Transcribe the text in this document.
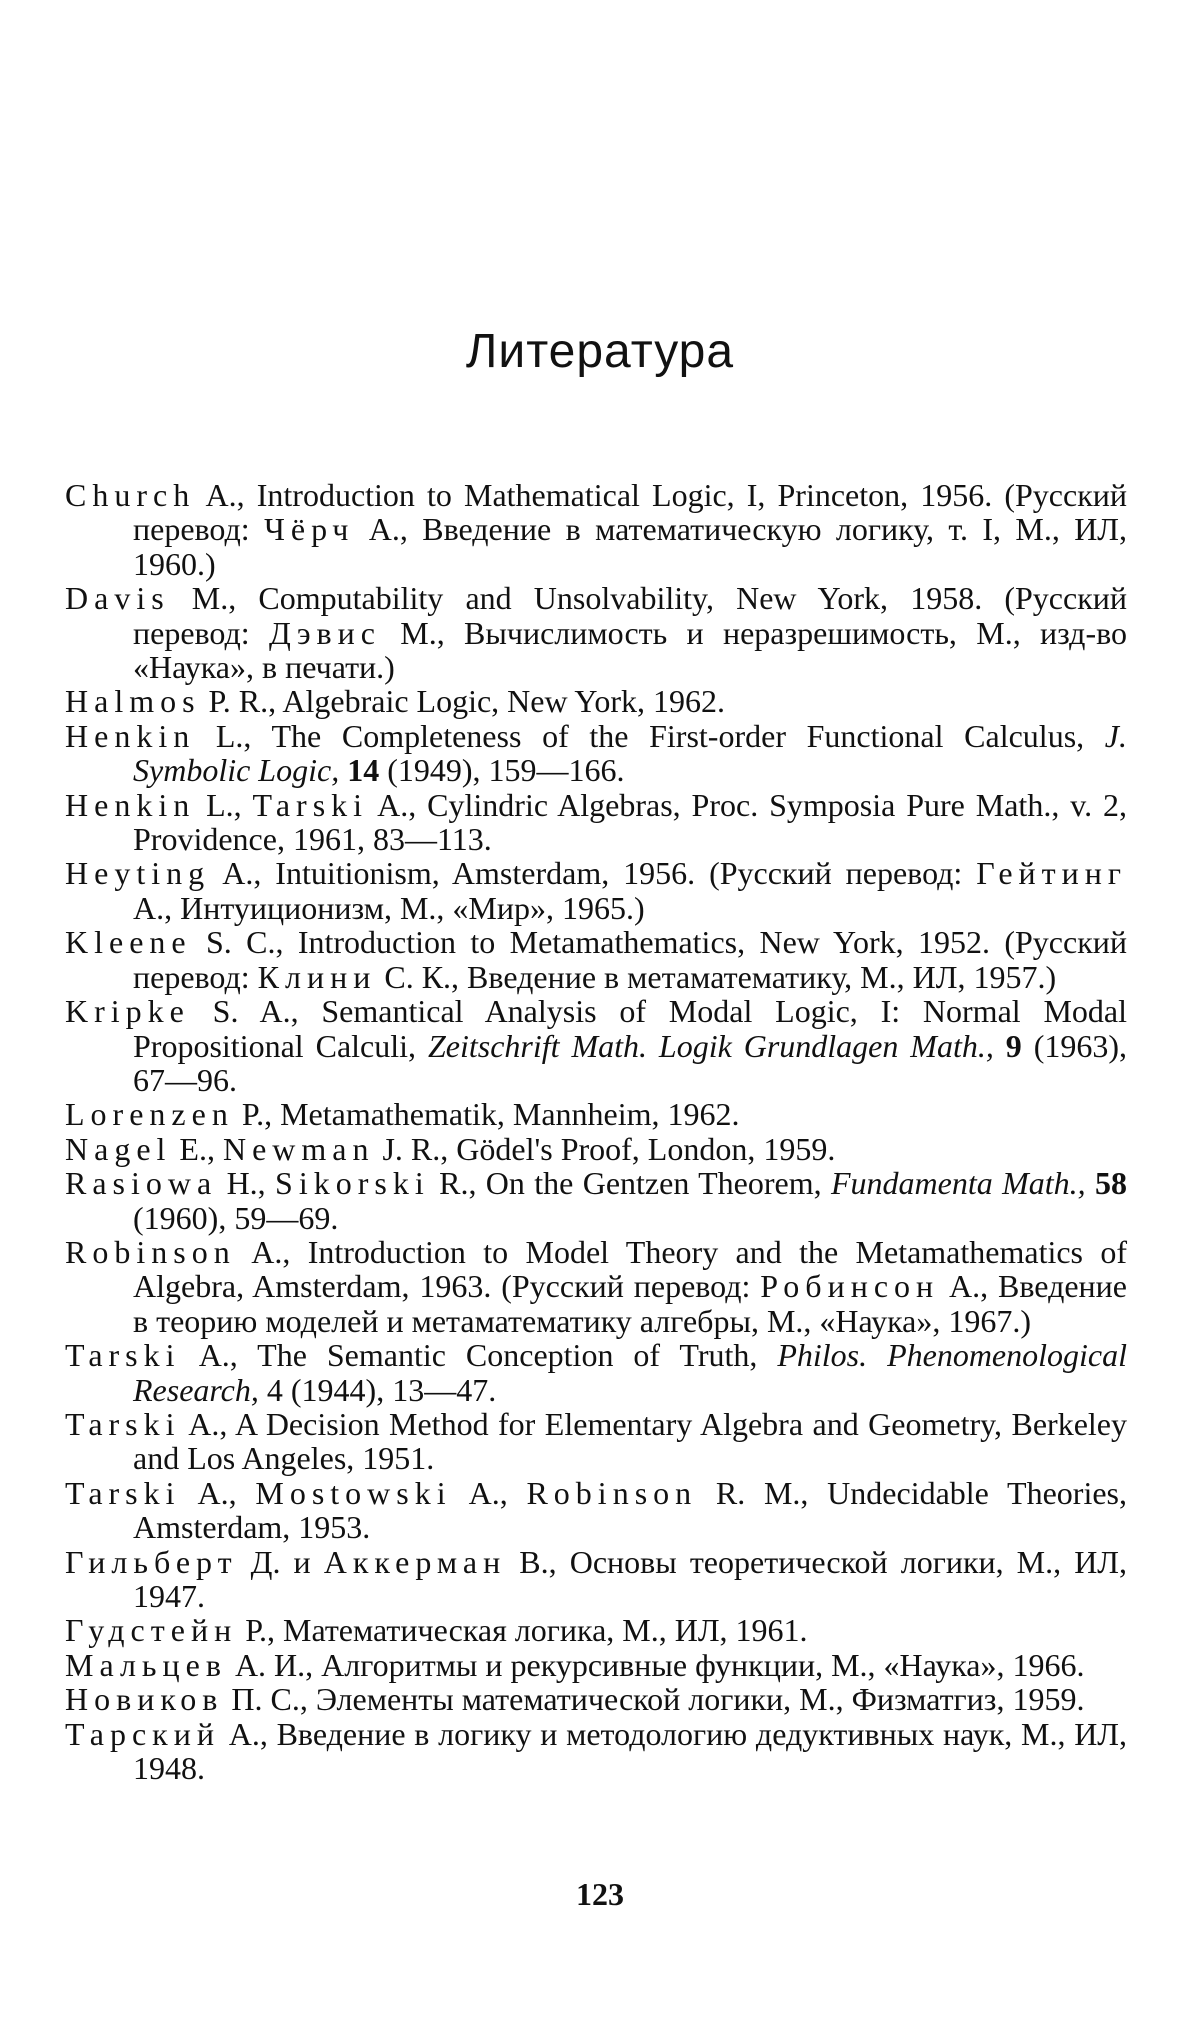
Литература
Church A., Introduction to Mathematical Logic, I, Princeton, 1956. (Русский перевод: Чёрч А., Введение в математическую логику, т. I, М., ИЛ, 1960.)
Davis M., Computability and Unsolvability, New York, 1958. (Русский перевод: Дэвис М., Вычислимость и неразрешимость, М., изд-во «Наука», в печати.)
Halmos P. R., Algebraic Logic, New York, 1962.
Henkin L., The Completeness of the First-order Functional Calculus, J. Symbolic Logic, 14 (1949), 159—166.
Henkin L., Tarski A., Cylindric Algebras, Proc. Symposia Pure Math., v. 2, Providence, 1961, 83—113.
Heyting A., Intuitionism, Amsterdam, 1956. (Русский перевод: Гейтинг А., Интуиционизм, М., «Мир», 1965.)
Kleene S. C., Introduction to Metamathematics, New York, 1952. (Русский перевод: Клини С. К., Введение в метаматематику, М., ИЛ, 1957.)
Kripke S. A., Semantical Analysis of Modal Logic, I: Normal Modal Propositional Calculi, Zeitschrift Math. Logik Grundlagen Math., 9 (1963), 67—96.
Lorenzen P., Metamathematik, Mannheim, 1962.
Nagel E., Newman J. R., Gödel's Proof, London, 1959.
Rasiowa H., Sikorski R., On the Gentzen Theorem, Fundamenta Math., 58 (1960), 59—69.
Robinson A., Introduction to Model Theory and the Metamathematics of Algebra, Amsterdam, 1963. (Русский перевод: Робинсон А., Введение в теорию моделей и метаматематику алгебры, М., «Наука», 1967.)
Tarski A., The Semantic Conception of Truth, Philos. Phenomenological Research, 4 (1944), 13—47.
Tarski A., A Decision Method for Elementary Algebra and Geometry, Berkeley and Los Angeles, 1951.
Tarski A., Mostowski A., Robinson R. M., Undecidable Theories, Amsterdam, 1953.
Гильберт Д. и Аккерман В., Основы теоретической логики, М., ИЛ, 1947.
Гудстейн Р., Математическая логика, М., ИЛ, 1961.
Мальцев А. И., Алгоритмы и рекурсивные функции, М., «Наука», 1966.
Новиков П. С., Элементы математической логики, М., Физматгиз, 1959.
Тарский А., Введение в логику и методологию дедуктивных наук, М., ИЛ, 1948.
123
